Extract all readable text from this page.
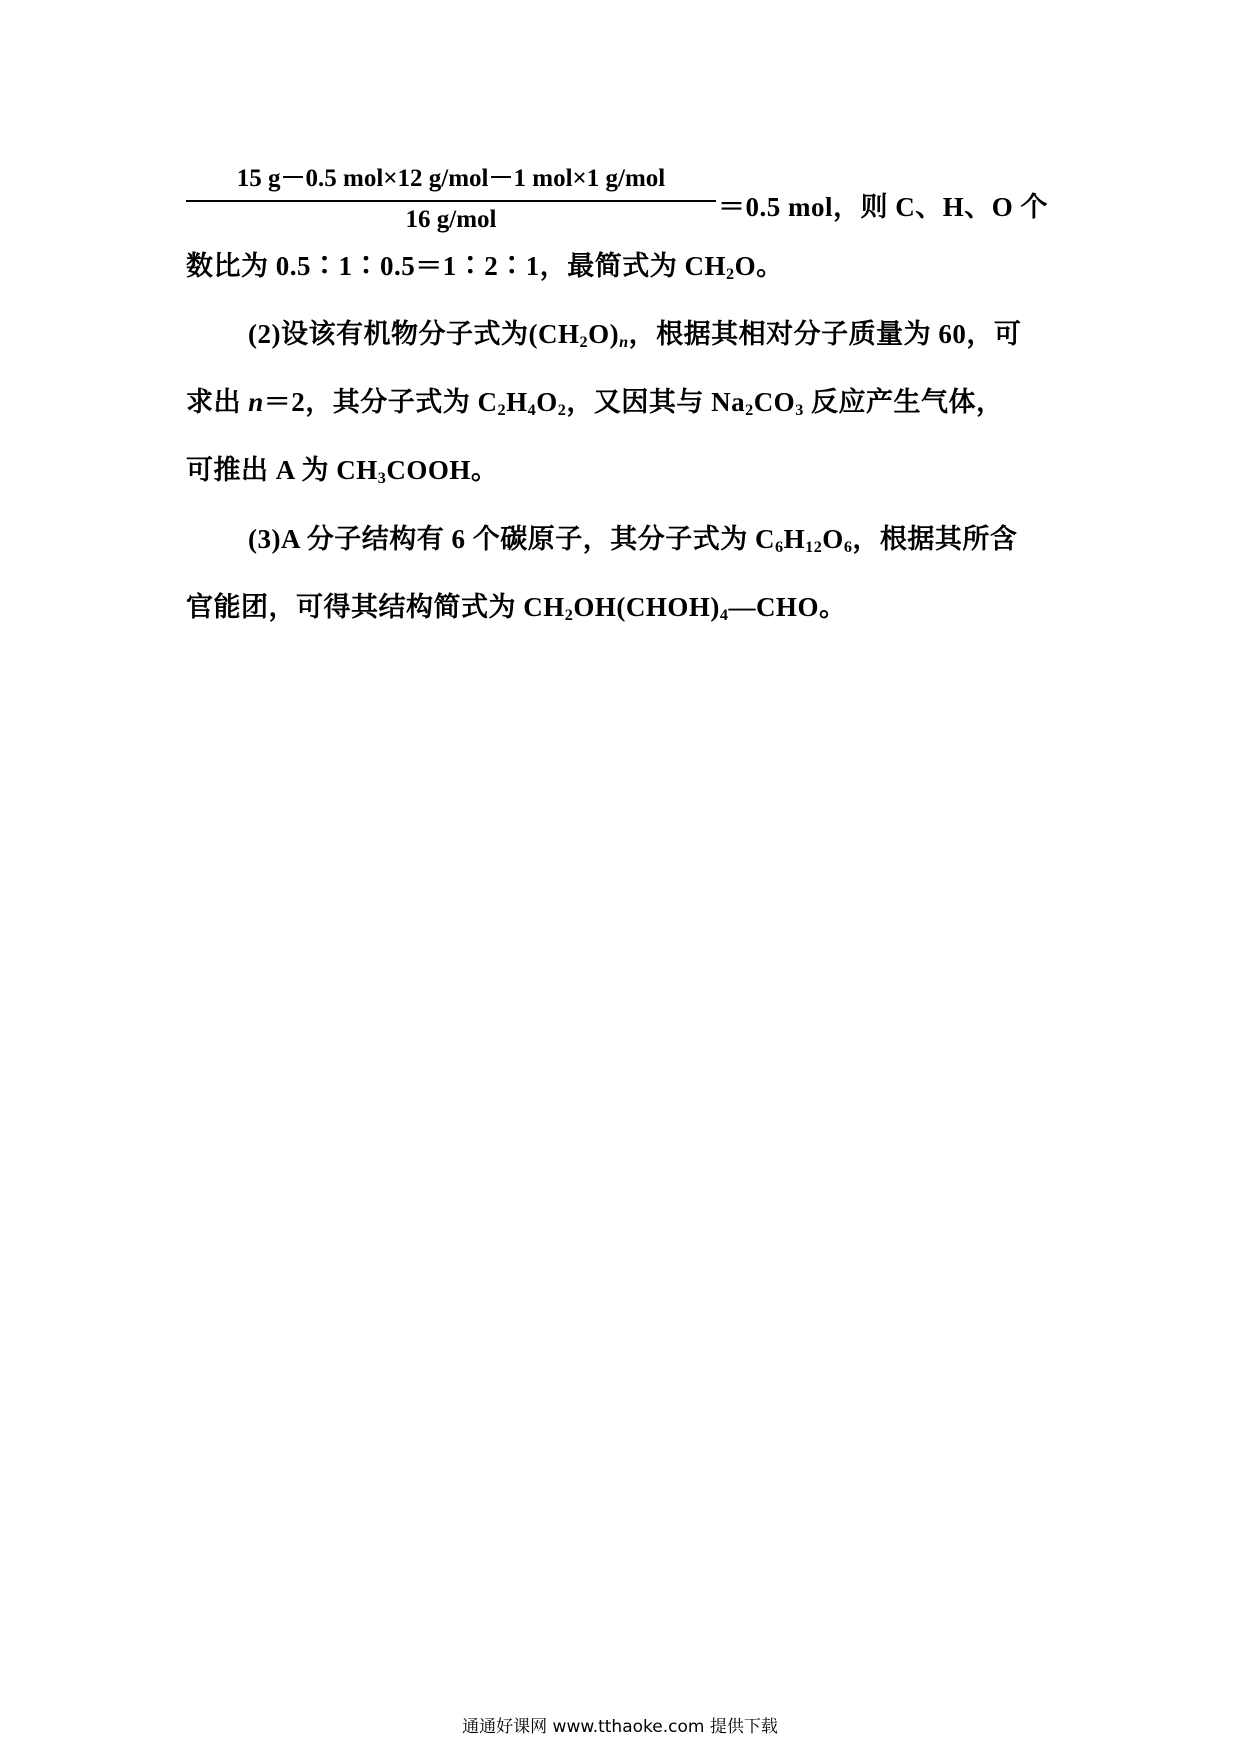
15 g－0.5 mol×12 g/mol－1 mol×1 g/mol
16 g/mol	＝0.5 mol，则 C、H、O 个
数比为 0.5∶1∶0.5＝1∶2∶1，最简式为 $CH_2O$。
(2)设该有机物分子式为$(CH_2O)_n$，根据其相对分子质量为 60，可
求出 n＝2，其分子式为 $C_2H_4O_2$，又因其与 $Na_2CO_3$ 反应产生气体，
可推出 A 为 $CH_3COOH$。
(3)A 分子结构有 6 个碳原子，其分子式为 $C_6H_{12}O_6$，根据其所含
官能团，可得其结构简式为 $CH_2OH(CHOH)_4—CHO$。
通通好课网 www.tthaoke.com 提供下载
